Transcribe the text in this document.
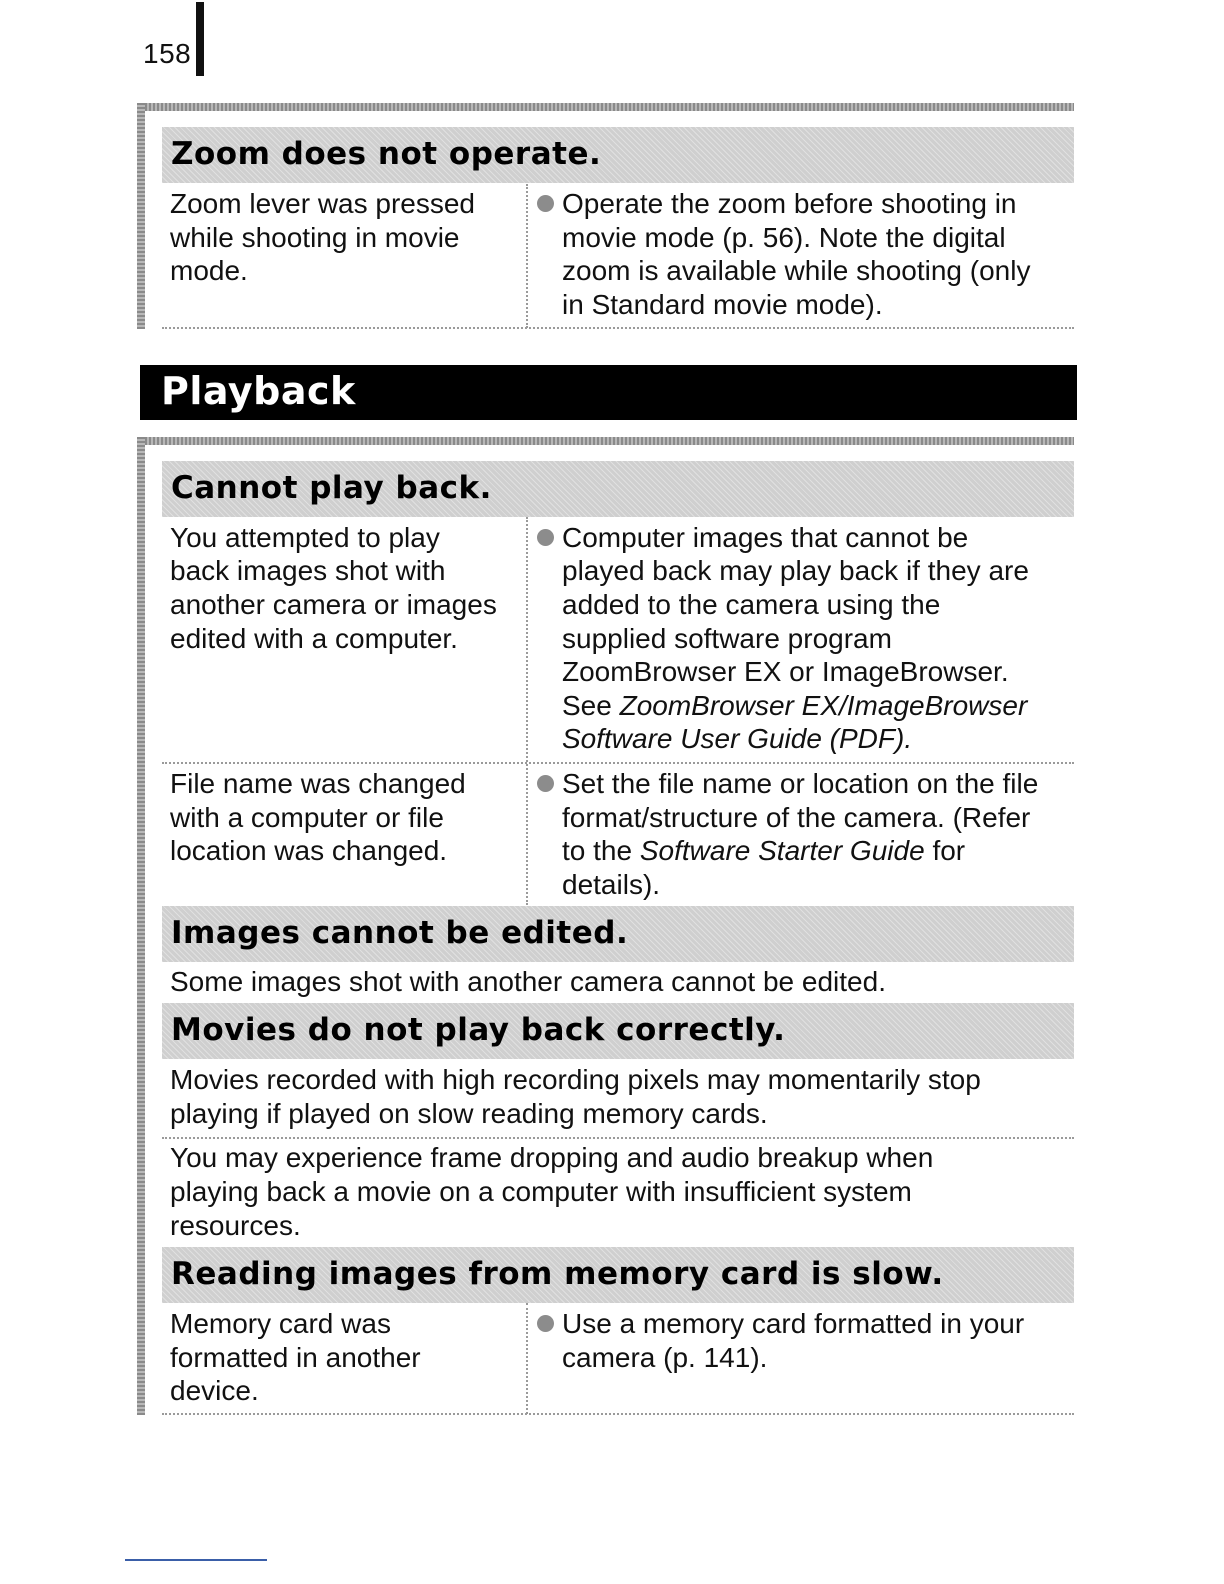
158
Zoom does not operate.
Zoom lever was pressed
while shooting in movie
mode.
Operate the zoom before shooting in
movie mode (p. 56). Note the digital
zoom is available while shooting (only
in Standard movie mode).
Playback
Cannot play back.
You attempted to play
back images shot with
another camera or images
edited with a computer.
Computer images that cannot be
played back may play back if they are
added to the camera using the
supplied software program
ZoomBrowser EX or ImageBrowser.
See ZoomBrowser EX/ImageBrowser
Software User Guide (PDF).
File name was changed
with a computer or file
location was changed.
Set the file name or location on the file
format/structure of the camera. (Refer
to the Software Starter Guide for
details).
Images cannot be edited.
Some images shot with another camera cannot be edited.
Movies do not play back correctly.
Movies recorded with high recording pixels may momentarily stop
playing if played on slow reading memory cards.
You may experience frame dropping and audio breakup when
playing back a movie on a computer with insufficient system
resources.
Reading images from memory card is slow.
Memory card was
formatted in another
device.
Use a memory card formatted in your
camera (p. 141).
